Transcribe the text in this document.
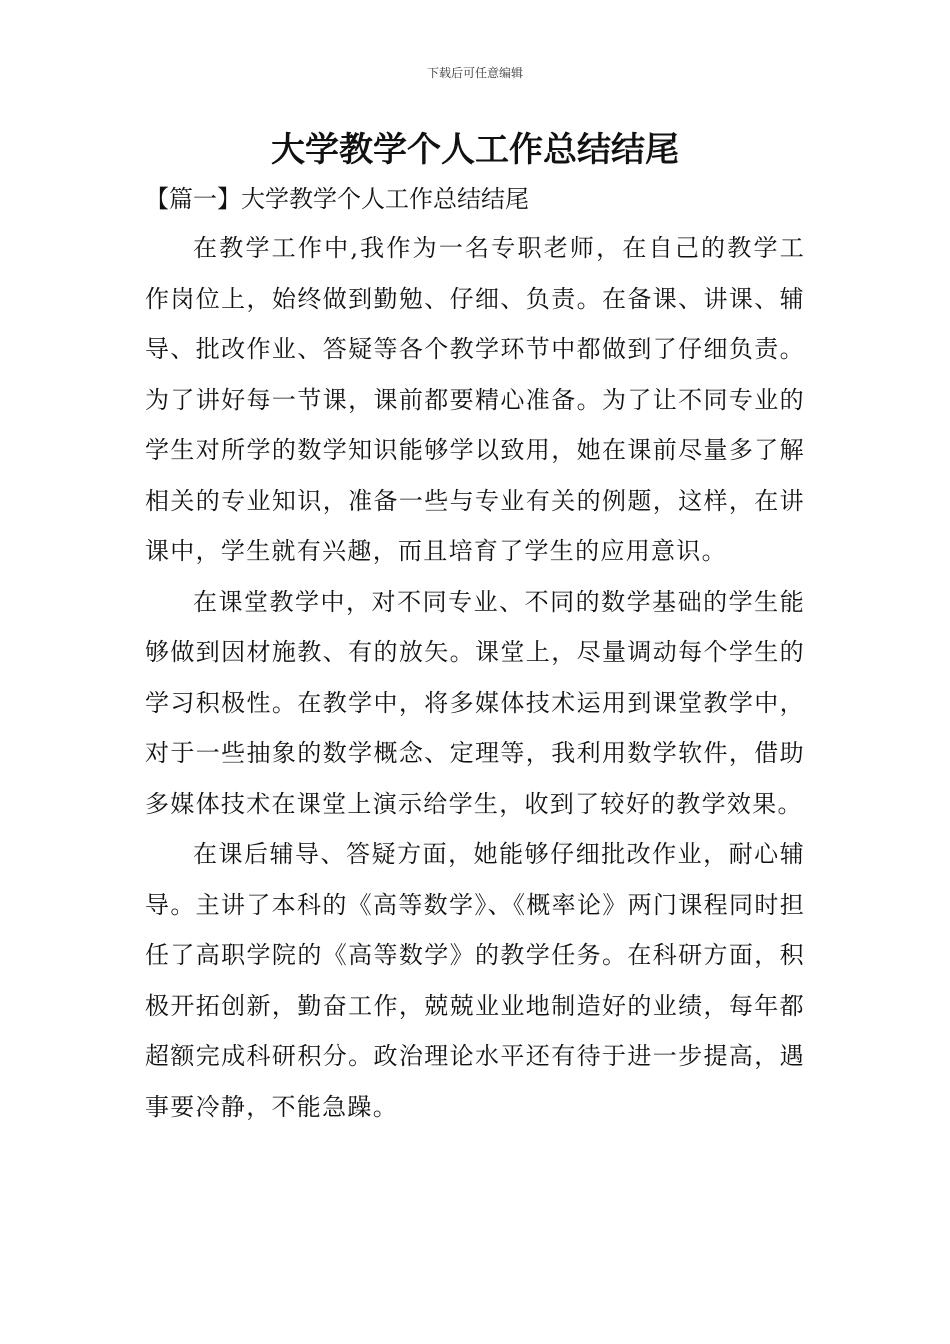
下载后可任意编辑
大学教学个人工作总结结尾
【篇一】大学教学个人工作总结结尾

在教学工作中,我作为一名专职老师，在自己的教学工作岗位上，始终做到勤勉、仔细、负责。在备课、讲课、辅导、批改作业、答疑等各个教学环节中都做到了仔细负责。为了讲好每一节课，课前都要精心准备。为了让不同专业的学生对所学的数学知识能够学以致用，她在课前尽量多了解相关的专业知识，准备一些与专业有关的例题，这样，在讲课中，学生就有兴趣，而且培育了学生的应用意识。

在课堂教学中，对不同专业、不同的数学基础的学生能够做到因材施教、有的放矢。课堂上，尽量调动每个学生的学习积极性。在教学中，将多媒体技术运用到课堂教学中，对于一些抽象的数学概念、定理等，我利用数学软件，借助多媒体技术在课堂上演示给学生，收到了较好的教学效果。

在课后辅导、答疑方面，她能够仔细批改作业，耐心辅导。主讲了本科的《高等数学》、《概率论》两门课程同时担任了高职学院的《高等数学》的教学任务。在科研方面，积极开拓创新，勤奋工作，兢兢业业地制造好的业绩，每年都超额完成科研积分。政治理论水平还有待于进一步提高，遇事要冷静，不能急躁。
